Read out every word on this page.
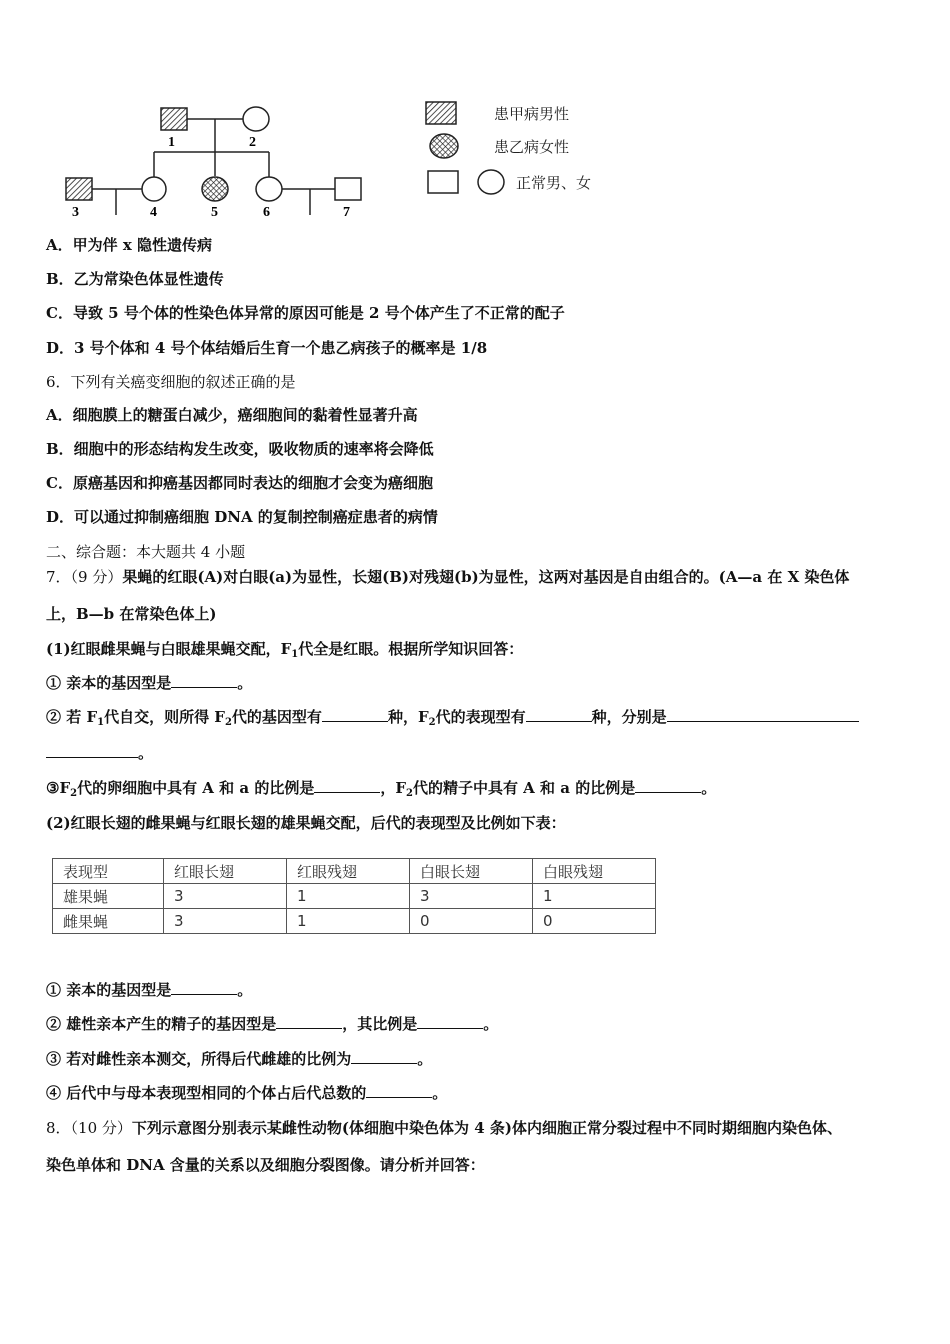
1	2
3	4	5	6	7
患甲病男性
患乙病女性
正常男、女
A．甲为伴 x 隐性遗传病
B．乙为常染色体显性遗传
C．导致 5 号个体的性染色体异常的原因可能是 2 号个体产生了不正常的配子
D．3 号个体和 4 号个体结婚后生育一个患乙病孩子的概率是 1/8
6．下列有关癌变细胞的叙述正确的是
A．细胞膜上的糖蛋白减少，癌细胞间的黏着性显著升高
B．细胞中的形态结构发生改变，吸收物质的速率将会降低
C．原癌基因和抑癌基因都同时表达的细胞才会变为癌细胞
D．可以通过抑制癌细胞 DNA 的复制控制癌症患者的病情
二、综合题：本大题共 4 小题
7．（9 分）果蝇的红眼(A)对白眼(a)为显性，长翅(B)对残翅(b)为显性，这两对基因是自由组合的。(A—a 在 X 染色体
上，B—b 在常染色体上)
(1)红眼雌果蝇与白眼雄果蝇交配，$F_1$代全是红眼。根据所学知识回答：
① 亲本的基因型是	。
② 若 $F_1$代自交，则所得 $F_2$代的基因型有	种，$F_2$代的表现型有	种，分别是
。
$③F_2$代的卵细胞中具有 A 和 a 的比例是	，$F_2$代的精子中具有 A 和 a 的比例是	。
(2)红眼长翅的雌果蝇与红眼长翅的雄果蝇交配，后代的表现型及比例如下表：
表现型	红眼长翅	红眼残翅	白眼长翅	白眼残翅
雄果蝇	3	1	3	1
雌果蝇	3	1	0	0
① 亲本的基因型是	。
② 雄性亲本产生的精子的基因型是	，其比例是	。
③ 若对雌性亲本测交，所得后代雌雄的比例为	。
④ 后代中与母本表现型相同的个体占后代总数的	。
8．（10 分）下列示意图分别表示某雌性动物(体细胞中染色体为 4 条)体内细胞正常分裂过程中不同时期细胞内染色体、
染色单体和 DNA 含量的关系以及细胞分裂图像。请分析并回答：
